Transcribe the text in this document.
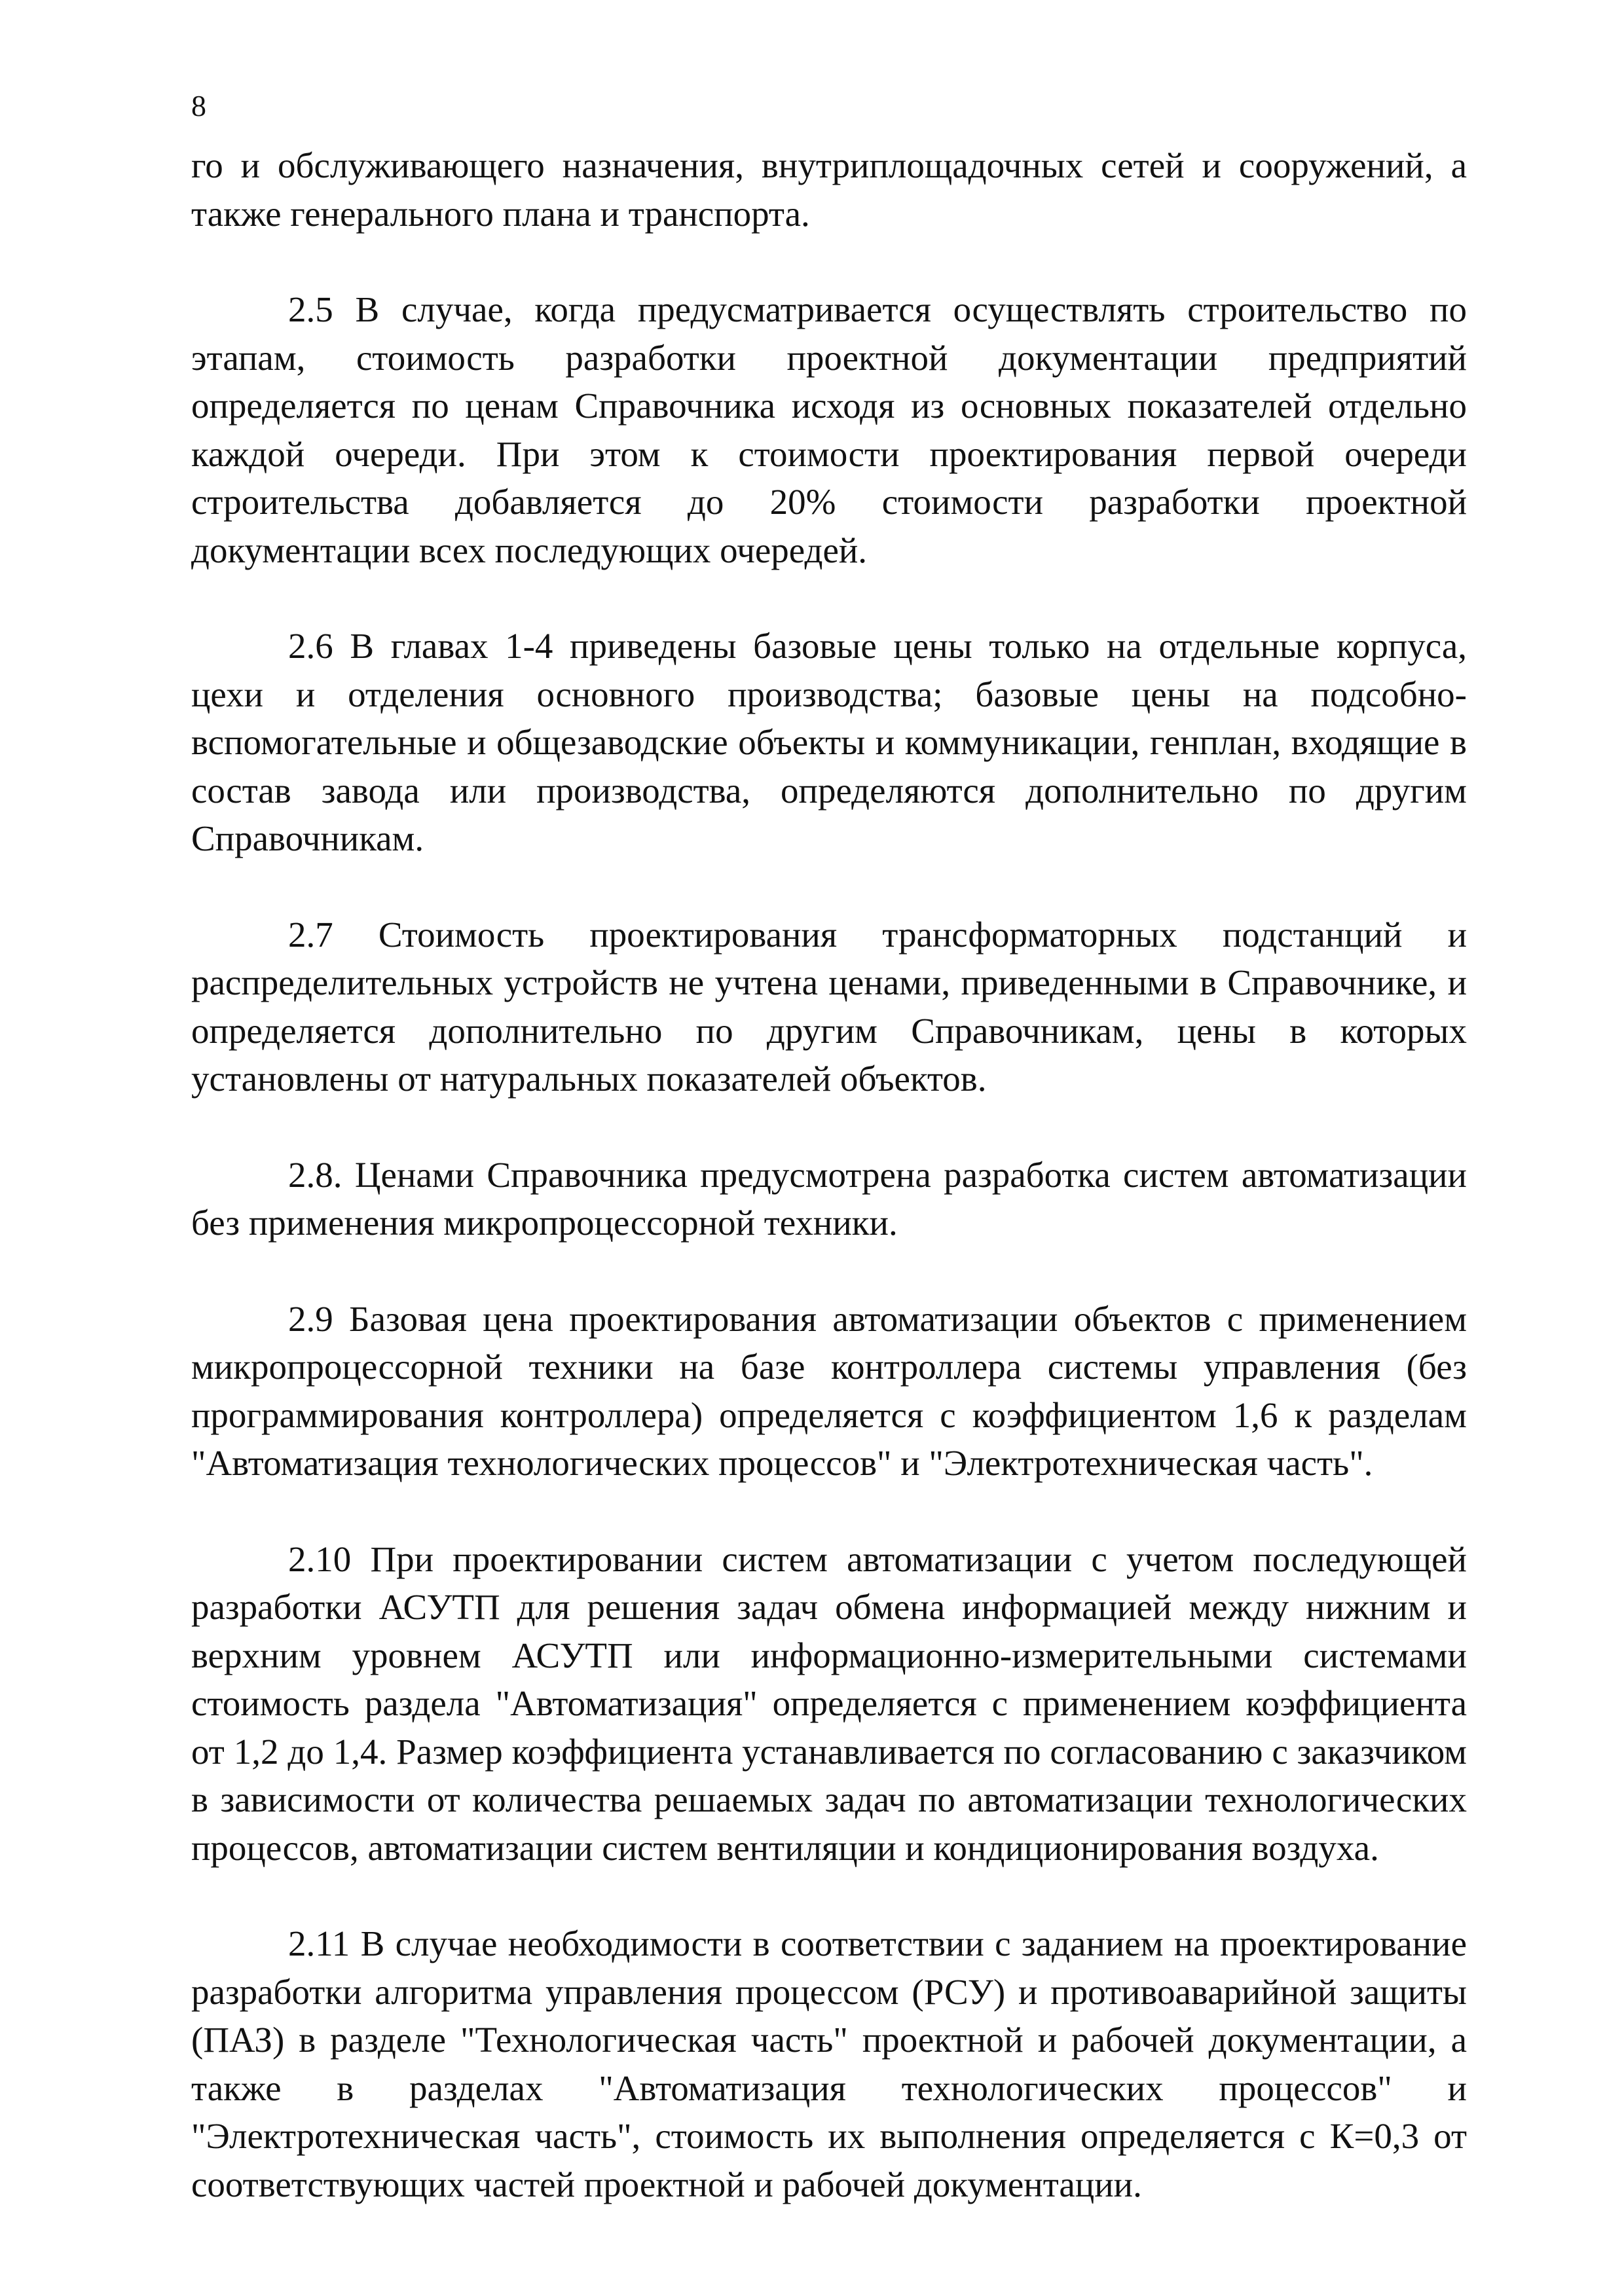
8

го и обслуживающего назначения, внутриплощадочных сетей и сооружений, а также генерального плана и транспорта.

2.5 В случае, когда предусматривается осуществлять строительство по этапам, стоимость разработки проектной документации предприятий определяется по ценам Справочника исходя из основных показателей отдельно каждой очереди. При этом к стоимости проектирования первой очереди строительства добавляется до 20% стоимости разработки проектной документации всех последующих очередей.

2.6 В главах 1-4 приведены базовые цены только на отдельные корпуса, цехи и отделения основного производства; базовые цены на подсобно-вспомогательные и общезаводские объекты и коммуникации, генплан, входящие в состав завода или производства, определяются дополнительно по другим Справочникам.

2.7 Стоимость проектирования трансформаторных подстанций и распределительных устройств не учтена ценами, приведенными в Справочнике, и определяется дополнительно по другим Справочникам, цены в которых установлены от натуральных показателей объектов.

2.8. Ценами Справочника предусмотрена разработка систем автоматизации без применения микропроцессорной техники.

2.9 Базовая цена проектирования автоматизации объектов с применением микропроцессорной техники на базе контроллера системы управления (без программирования контроллера) определяется с коэффициентом 1,6 к разделам "Автоматизация технологических процессов" и "Электротехническая часть".

2.10 При проектировании систем автоматизации с учетом последующей разработки АСУТП для решения задач обмена информацией между нижним и верхним уровнем АСУТП или информационно-измерительными системами стоимость раздела "Автоматизация" определяется с применением коэффициента от 1,2 до 1,4. Размер коэффициента устанавливается по согласованию с заказчиком в зависимости от количества решаемых задач по автоматизации технологических процессов, автоматизации систем вентиляции и кондиционирования воздуха.

2.11 В случае необходимости в соответствии с заданием на проектирование разработки алгоритма управления процессом (РСУ) и противоаварийной защиты (ПАЗ) в разделе "Технологическая часть" проектной и рабочей документации, а также в разделах "Автоматизация технологических процессов" и "Электротехническая часть", стоимость их выполнения определяется с К=0,3 от соответствующих частей проектной и рабочей документации.
